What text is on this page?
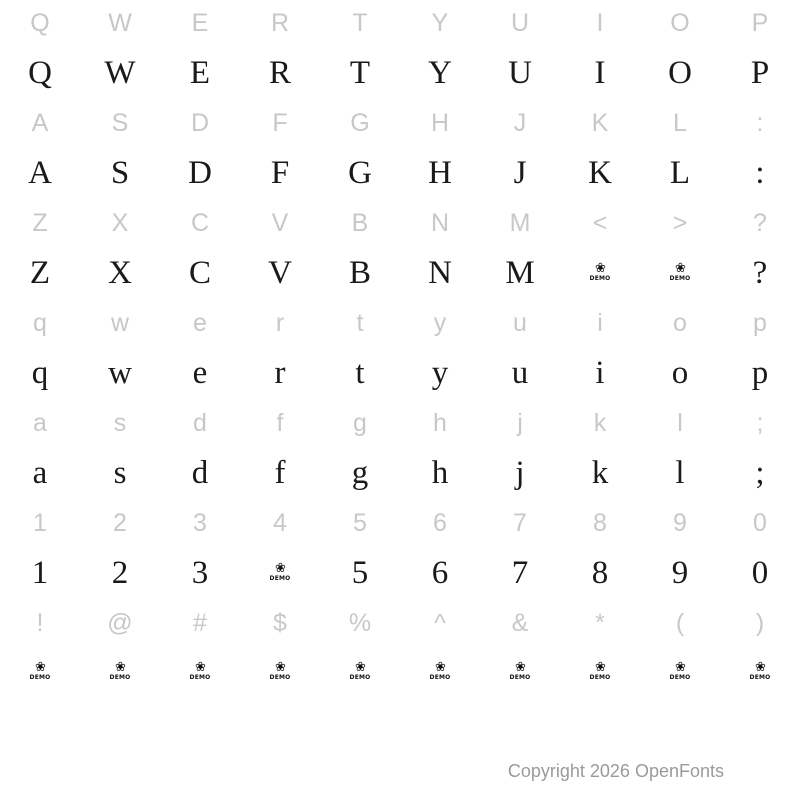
Q
Q
W
W
E
E
R
R
T
T
Y
Y
U
U
I
I
O
O
P
P
A
A
S
S
D
D
F
F
G
G
H
H
J
J
K
K
L
L
:
:
Z
Z
X
X
C
C
V
V
B
B
N
N
M
M
<
❀
DEMO
>
❀
DEMO
?
?
q
q
w
w
e
e
r
r
t
t
y
y
u
u
i
i
o
o
p
p
a
a
s
s
d
d
f
f
g
g
h
h
j
j
k
k
l
l
;
;
1
1
2
2
3
3
4
❀
DEMO
5
5
6
6
7
7
8
8
9
9
0
0
!
❀
DEMO
@
❀
DEMO
#
❀
DEMO
$
❀
DEMO
%
❀
DEMO
^
❀
DEMO
&
❀
DEMO
*
❀
DEMO
(
❀
DEMO
)
❀
DEMO
Copyright 2026 OpenFonts
